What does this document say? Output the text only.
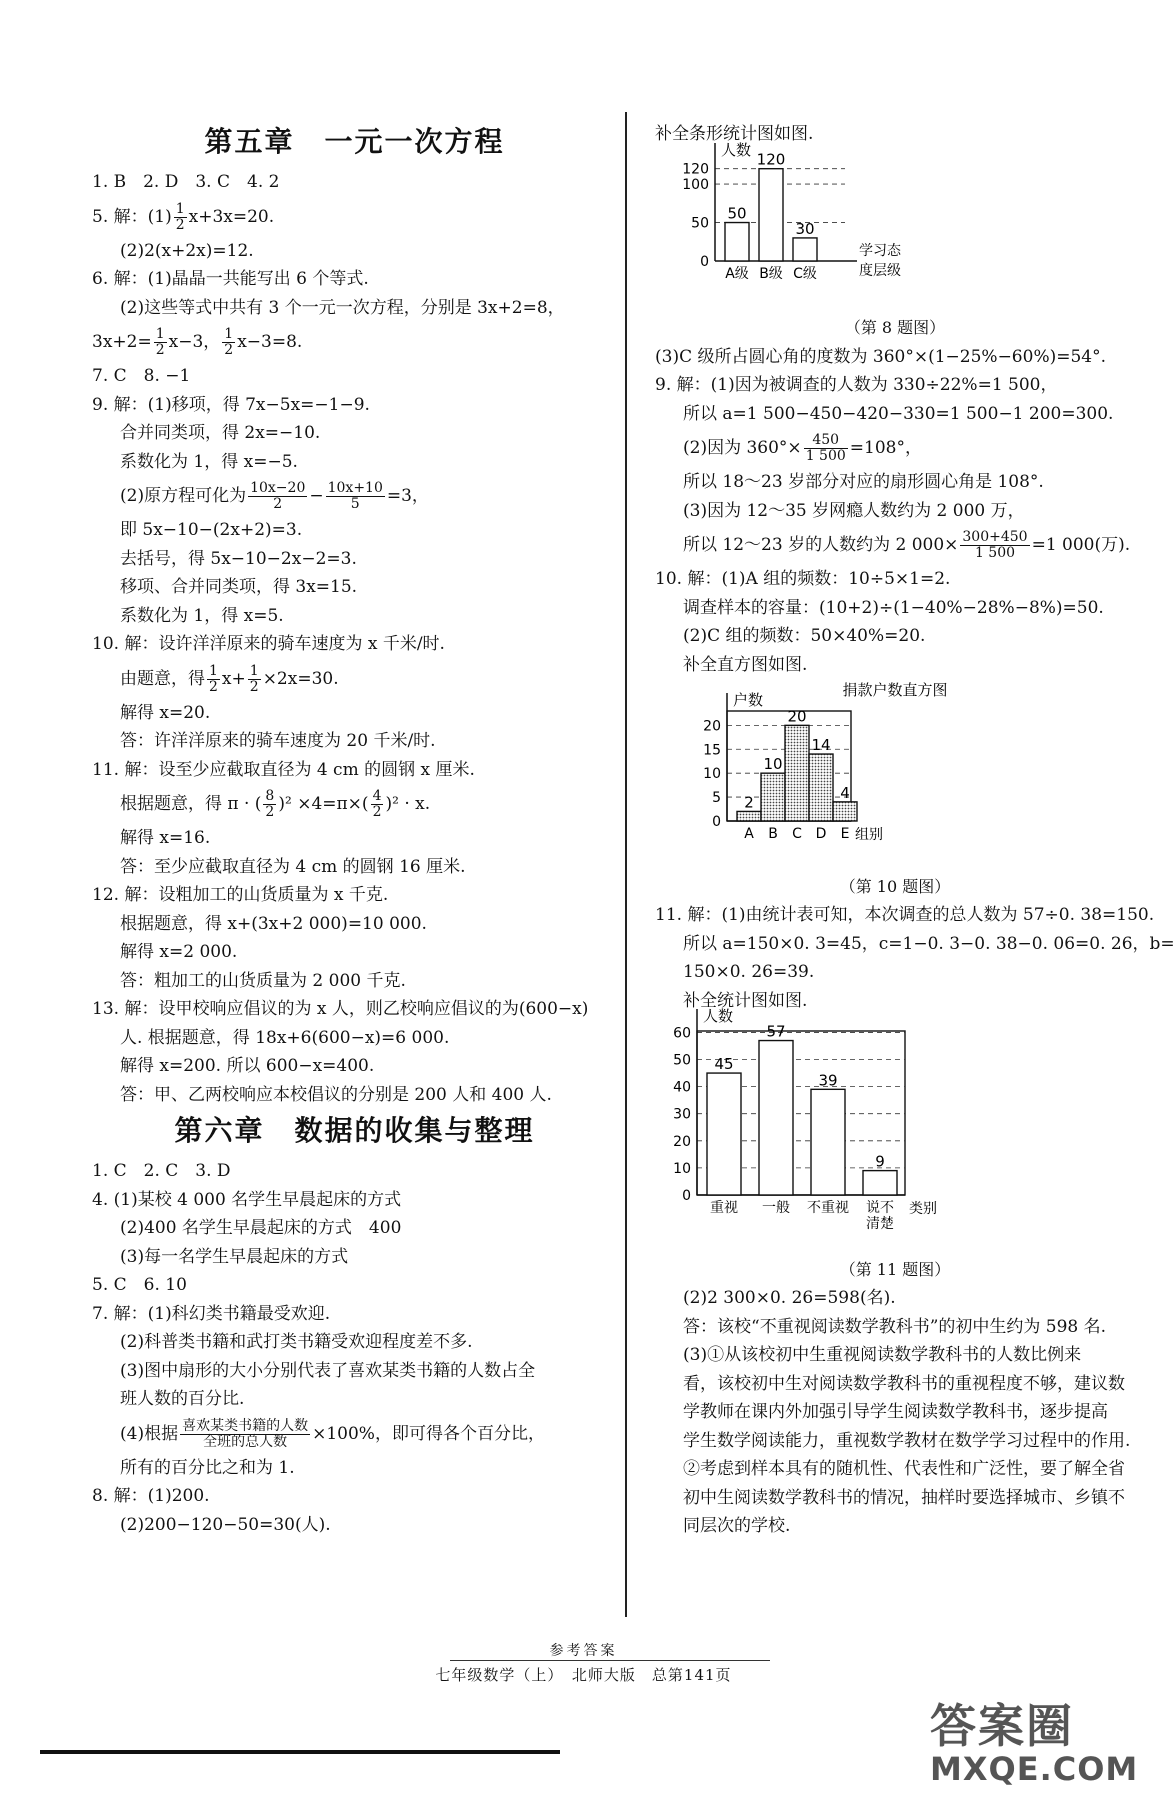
第五章　一元一次方程
1. B　2. D　3. C　4. 2
5. 解：$(1) \frac{1}{2} x+3x=20$.
(2)2(x+2x)=12.
6. 解：(1)晶晶一共能写出 6 个等式.
(2)这些等式中共有 3 个一元一次方程，分别是 3x+2=8，
$3x+2= \frac{1}{2} x-3$， $\frac{1}{2} x-3=8$.
7. C　8. −1
9. 解：(1)移项，得 7x−5x=−1−9.
合并同类项，得 2x=−10.
系数化为 1，得 x=−5.
(2)原方程可化为 $\frac{10x-20}{2} - \frac{10x+10}{5} =3$，
即 5x−10−(2x+2)=3.
去括号，得 5x−10−2x−2=3.
移项、合并同类项，得 3x=15.
系数化为 1，得 x=5.
10. 解：设许洋洋原来的骑车速度为 x 千米/时.
由题意，得 $\frac{1}{2} x+ \frac{1}{2} \times 2x=30$.
解得 x=20.
答：许洋洋原来的骑车速度为 20 千米/时.
11. 解：设至少应截取直径为 4 cm 的圆钢 x 厘米.
根据题意，得 π · ( $\frac{8}{2} )^2 \times 4=\pi\times( \frac{4}{2} )^2 \cdot x$.
解得 x=16.
答：至少应截取直径为 4 cm 的圆钢 16 厘米.
12. 解：设粗加工的山货质量为 x 千克.
根据题意，得 x+(3x+2 000)=10 000.
解得 x=2 000.
答：粗加工的山货质量为 2 000 千克.
13. 解：设甲校响应倡议的为 x 人，则乙校响应倡议的为(600−x)
人. 根据题意，得 18x+6(600−x)=6 000.
解得 x=200. 所以 600−x=400.
答：甲、乙两校响应本校倡议的分别是 200 人和 400 人.
第六章　数据的收集与整理
1. C　2. C　3. D
4. (1)某校 4 000 名学生早晨起床的方式
(2)400 名学生早晨起床的方式　400
(3)每一名学生早晨起床的方式
5. C　6. 10
7. 解：(1)科幻类书籍最受欢迎.
(2)科普类书籍和武打类书籍受欢迎程度差不多.
(3)图中扇形的大小分别代表了喜欢某类书籍的人数占全
班人数的百分比.
(4)根据 $\frac{\text{喜欢某类书籍的人数}}{\text{全班的总人数}} \times 100\%$，即可得各个百分比，
所有的百分比之和为 1.
8. 解：(1)200.
(2)200−120−50=30(人).
补全条形统计图如图.
0
50
100
120
人数
50
A级
120
B级
30
C级
学习态
度层级
（第 8 题图）
(3)C 级所占圆心角的度数为 360°×(1−25%−60%)=54°.
9. 解：(1)因为被调查的人数为 330÷22%=1 500，
所以 a=1 500−450−420−330=1 500−1 200=300.
(2)因为 $360^\circ\times \frac{450}{1 500} =108^\circ$，
所以 18～23 岁部分对应的扇形圆心角是 108°.
(3)因为 12～35 岁网瘾人数约为 2 000 万，
所以 12～23 岁的人数约为 2 $000\times \frac{300+450}{1 500} =1$ 000(万).
10. 解：(1)A 组的频数：10÷5×1=2.
调查样本的容量：(10+2)÷(1−40%−28%−8%)=50.
(2)C 组的频数：50×40%=20.
补全直方图如图.
捐款户数直方图
0
5
10
15
20
户数
2
A
10
B
20
C
14
D
4
E 组别
（第 10 题图）
11. 解：(1)由统计表可知，本次调查的总人数为 57÷0. 38=150.
所以 a=150×0. 3=45，c=1−0. 3−0. 38−0. 06=0. 26，b=
150×0. 26=39.
补全统计图如图.
0
10
20
30
40
50
60
人数
45
重视
57
一般
39
不重视
9
说不
清楚
类别
（第 11 题图）
(2)2 300×0. 26=598(名).
答：该校“不重视阅读数学教科书”的初中生约为 598 名.
(3)①从该校初中生重视阅读数学教科书的人数比例来
看，该校初中生对阅读数学教科书的重视程度不够，建议数
学教师在课内外加强引导学生阅读数学教科书，逐步提高
学生数学阅读能力，重视数学教材在数学学习过程中的作用.
②考虑到样本具有的随机性、代表性和广泛性，要了解全省
初中生阅读数学教科书的情况，抽样时要选择城市、乡镇不
同层次的学校.
参考答案
七年级数学（上）　北师大版　总第141页
答案圈
MXQE.COM
